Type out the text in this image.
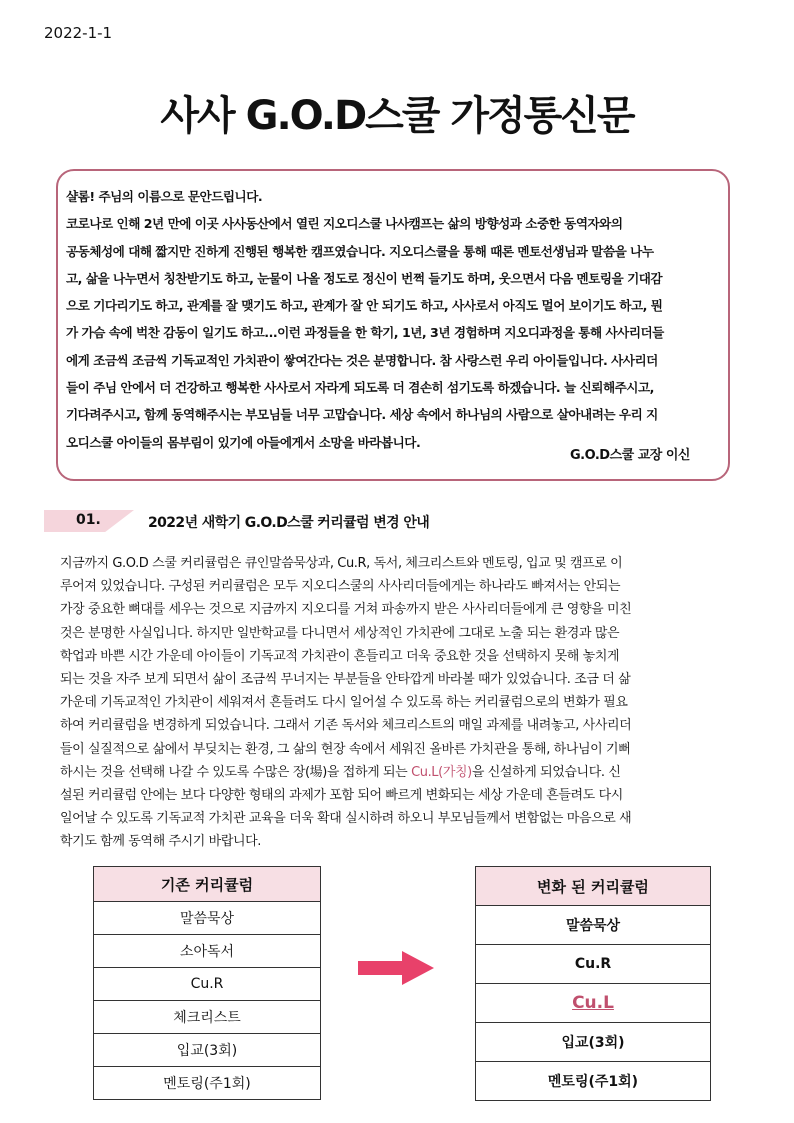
2022-1-1
사사 G.O.D스쿨 가정통신문

샬롬! 주님의 이름으로 문안드립니다.

코로나로 인해 2년 만에 이곳 사사동산에서 열린 지오디스쿨 나사캠프는 삶의 방향성과 소중한 동역자와의

공동체성에 대해 짧지만 진하게 진행된 행복한 캠프였습니다. 지오디스쿨을 통해 때론 멘토선생님과 말씀을 나누

고, 삶을 나누면서 칭찬받기도 하고, 눈물이 나올 정도로 정신이 번쩍 들기도 하며, 웃으면서 다음 멘토링을 기대감

으로 기다리기도 하고, 관계를 잘 맺기도 하고, 관계가 잘 안 되기도 하고, 사사로서 아직도 멀어 보이기도 하고, 뭔

가 가슴 속에 벅찬 감동이 일기도 하고...이런 과정들을 한 학기, 1년, 3년 경험하며 지오디과정을 통해 사사리더들

에게 조금씩 조금씩 기독교적인 가치관이 쌓여간다는 것은 분명합니다. 참 사랑스런 우리 아이들입니다. 사사리더

들이 주님 안에서 더 건강하고 행복한 사사로서 자라게 되도록 더 겸손히 섬기도록 하겠습니다. 늘 신뢰해주시고,

기다려주시고, 함께 동역해주시는 부모님들 너무 고맙습니다. 세상 속에서 하나님의 사람으로 살아내려는 우리 지

오디스쿨 아이들의 몸부림이 있기에 아들에게서 소망을 바라봅니다.

G.O.D스쿨 교장 이신
01.	2022년 새학기 G.O.D스쿨 커리큘럼 변경 안내

지금까지 G.O.D 스쿨 커리큘럼은 큐인말씀묵상과, Cu.R, 독서, 체크리스트와 멘토링, 입교 및 캠프로 이

루어져 있었습니다. 구성된 커리큘럼은 모두 지오디스쿨의 사사리더들에게는 하나라도 빠져서는 안되는

가장 중요한 뼈대를 세우는 것으로 지금까지 지오디를 거쳐 파송까지 받은 사사리더들에게 큰 영향을 미친

것은 분명한 사실입니다. 하지만 일반학교를 다니면서 세상적인 가치관에 그대로 노출 되는 환경과 많은

학업과 바쁜 시간 가운데 아이들이 기독교적 가치관이 흔들리고 더욱 중요한 것을 선택하지 못해 놓치게

되는 것을 자주 보게 되면서 삶이 조금씩 무너지는 부분들을 안타깝게 바라볼 때가 있었습니다. 조금 더 삶

가운데 기독교적인 가치관이 세워져서 흔들려도 다시 일어설 수 있도록 하는 커리큘럼으로의 변화가 필요

하여 커리큘럼을 변경하게 되었습니다. 그래서 기존 독서와 체크리스트의 매일 과제를 내려놓고, 사사리더

들이 실질적으로 삶에서 부딪치는 환경, 그 삶의 현장 속에서 세워진 올바른 가치관을 통해, 하나님이 기뻐

하시는 것을 선택해 나갈 수 있도록 수많은 장(場)을 접하게 되는 Cu.L(가칭)을 신설하게 되었습니다. 신

설된 커리큘럼 안에는 보다 다양한 형태의 과제가 포함 되어 빠르게 변화되는 세상 가운데 흔들려도 다시

일어날 수 있도록 기독교적 가치관 교육을 더욱 확대 실시하려 하오니 부모님들께서 변함없는 마음으로 새

학기도 함께 동역해 주시기 바랍니다.

기존 커리큘럼
말씀묵상
소아독서
Cu.R
체크리스트
입교(3회)
멘토링(주1회)
변화 된 커리큘럼
말씀묵상
Cu.R
Cu.L
입교(3회)
멘토링(주1회)
